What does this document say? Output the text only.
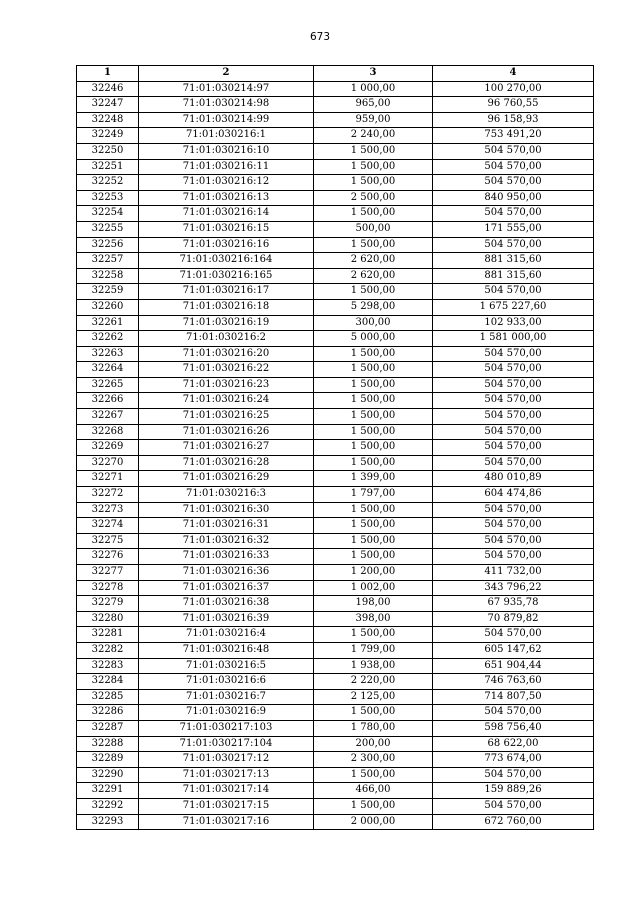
673
1	2	3	4
32246	71:01:030214:97	1 000,00	100 270,00
32247	71:01:030214:98	965,00	96 760,55
32248	71:01:030214:99	959,00	96 158,93
32249	71:01:030216:1	2 240,00	753 491,20
32250	71:01:030216:10	1 500,00	504 570,00
32251	71:01:030216:11	1 500,00	504 570,00
32252	71:01:030216:12	1 500,00	504 570,00
32253	71:01:030216:13	2 500,00	840 950,00
32254	71:01:030216:14	1 500,00	504 570,00
32255	71:01:030216:15	500,00	171 555,00
32256	71:01:030216:16	1 500,00	504 570,00
32257	71:01:030216:164	2 620,00	881 315,60
32258	71:01:030216:165	2 620,00	881 315,60
32259	71:01:030216:17	1 500,00	504 570,00
32260	71:01:030216:18	5 298,00	1 675 227,60
32261	71:01:030216:19	300,00	102 933,00
32262	71:01:030216:2	5 000,00	1 581 000,00
32263	71:01:030216:20	1 500,00	504 570,00
32264	71:01:030216:22	1 500,00	504 570,00
32265	71:01:030216:23	1 500,00	504 570,00
32266	71:01:030216:24	1 500,00	504 570,00
32267	71:01:030216:25	1 500,00	504 570,00
32268	71:01:030216:26	1 500,00	504 570,00
32269	71:01:030216:27	1 500,00	504 570,00
32270	71:01:030216:28	1 500,00	504 570,00
32271	71:01:030216:29	1 399,00	480 010,89
32272	71:01:030216:3	1 797,00	604 474,86
32273	71:01:030216:30	1 500,00	504 570,00
32274	71:01:030216:31	1 500,00	504 570,00
32275	71:01:030216:32	1 500,00	504 570,00
32276	71:01:030216:33	1 500,00	504 570,00
32277	71:01:030216:36	1 200,00	411 732,00
32278	71:01:030216:37	1 002,00	343 796,22
32279	71:01:030216:38	198,00	67 935,78
32280	71:01:030216:39	398,00	70 879,82
32281	71:01:030216:4	1 500,00	504 570,00
32282	71:01:030216:48	1 799,00	605 147,62
32283	71:01:030216:5	1 938,00	651 904,44
32284	71:01:030216:6	2 220,00	746 763,60
32285	71:01:030216:7	2 125,00	714 807,50
32286	71:01:030216:9	1 500,00	504 570,00
32287	71:01:030217:103	1 780,00	598 756,40
32288	71:01:030217:104	200,00	68 622,00
32289	71:01:030217:12	2 300,00	773 674,00
32290	71:01:030217:13	1 500,00	504 570,00
32291	71:01:030217:14	466,00	159 889,26
32292	71:01:030217:15	1 500,00	504 570,00
32293	71:01:030217:16	2 000,00	672 760,00
